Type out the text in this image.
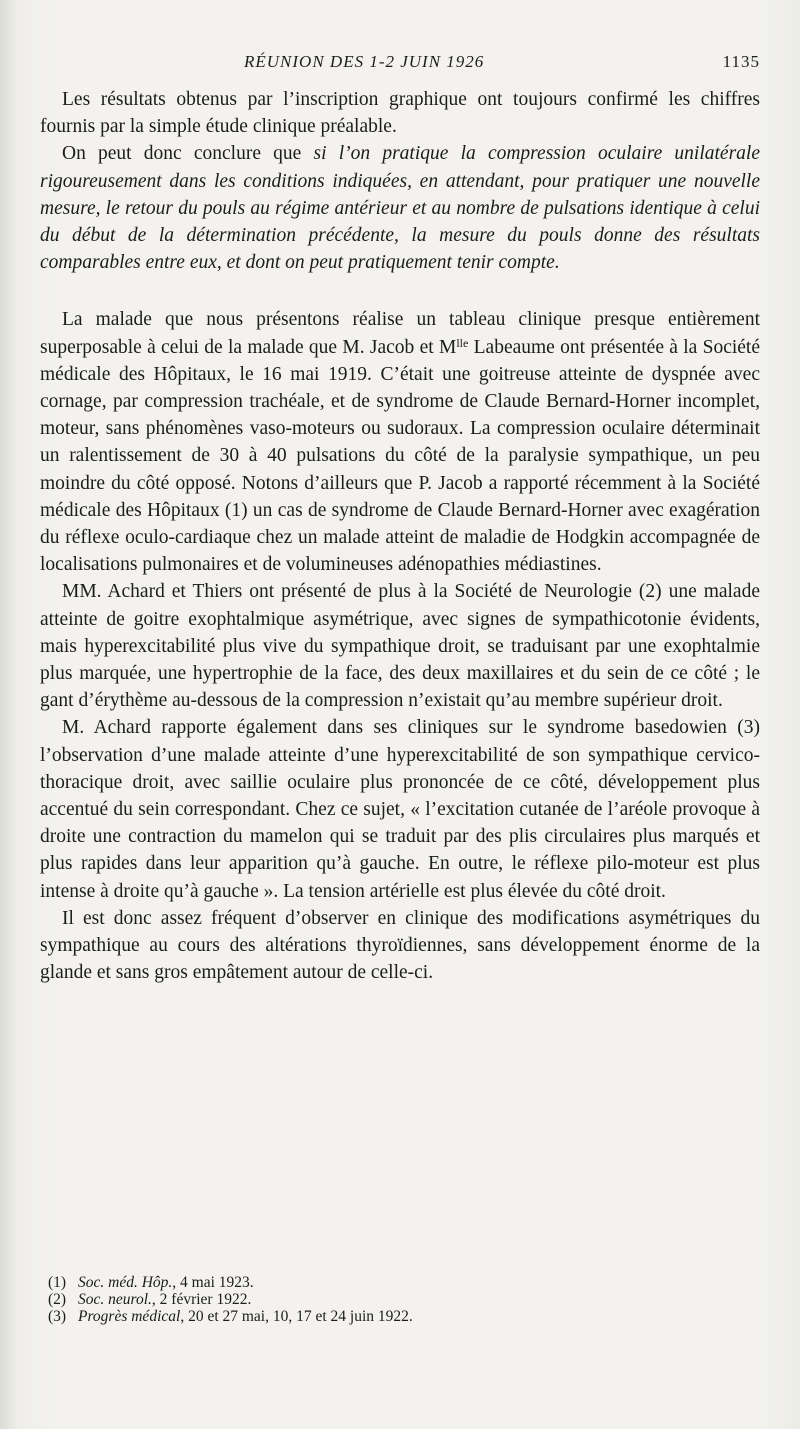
RÉUNION DES 1-2 JUIN 1926	1135

Les résultats obtenus par l’inscription graphique ont toujours confirmé les chiffres fournis par la simple étude clinique préalable.

On peut donc conclure que si l’on pratique la compression oculaire unilatérale rigoureusement dans les conditions indiquées, en attendant, pour pratiquer une nouvelle mesure, le retour du pouls au régime antérieur et au nombre de pulsations identique à celui du début de la détermination précédente, la mesure du pouls donne des résultats comparables entre eux, et dont on peut pratiquement tenir compte.

La malade que nous présentons réalise un tableau clinique presque entièrement superposable à celui de la malade que M. Jacob et $M^{lle}$ Labeaume ont présentée à la Société médicale des Hôpitaux, le 16 mai 1919. C’était une goitreuse atteinte de dyspnée avec cornage, par compression trachéale, et de syndrome de Claude Bernard-Horner incomplet, moteur, sans phénomènes vaso-moteurs ou sudoraux. La compression oculaire déterminait un ralentissement de 30 à 40 pulsations du côté de la paralysie sympathique, un peu moindre du côté opposé. Notons d’ailleurs que P. Jacob a rapporté récemment à la Société médicale des Hôpitaux (1) un cas de syndrome de Claude Bernard-Horner avec exagération du réflexe oculo-cardiaque chez un malade atteint de maladie de Hodgkin accompagnée de localisations pulmonaires et de volumineuses adénopathies médiastines.

MM. Achard et Thiers ont présenté de plus à la Société de Neurologie (2) une malade atteinte de goitre exophtalmique asymétrique, avec signes de sympathicotonie évidents, mais hyperexcitabilité plus vive du sympathique droit, se traduisant par une exophtalmie plus marquée, une hypertrophie de la face, des deux maxillaires et du sein de ce côté ; le gant d’érythème au-dessous de la compression n’existait qu’au membre supérieur droit.

M. Achard rapporte également dans ses cliniques sur le syndrome basedowien (3) l’observation d’une malade atteinte d’une hyperexcitabilité de son sympathique cervico-thoracique droit, avec saillie oculaire plus prononcée de ce côté, développement plus accentué du sein correspondant. Chez ce sujet, « l’excitation cutanée de l’aréole provoque à droite une contraction du mamelon qui se traduit par des plis circulaires plus marqués et plus rapides dans leur apparition qu’à gauche. En outre, le réflexe pilo-moteur est plus intense à droite qu’à gauche ». La tension artérielle est plus élevée du côté droit.

Il est donc assez fréquent d’observer en clinique des modifications asymétriques du sympathique au cours des altérations thyroïdiennes, sans développement énorme de la glande et sans gros empâtement autour de celle-ci.

(1) Soc. méd. Hôp., 4 mai 1923.
(2) Soc. neurol., 2 février 1922.
(3) Progrès médical, 20 et 27 mai, 10, 17 et 24 juin 1922.
